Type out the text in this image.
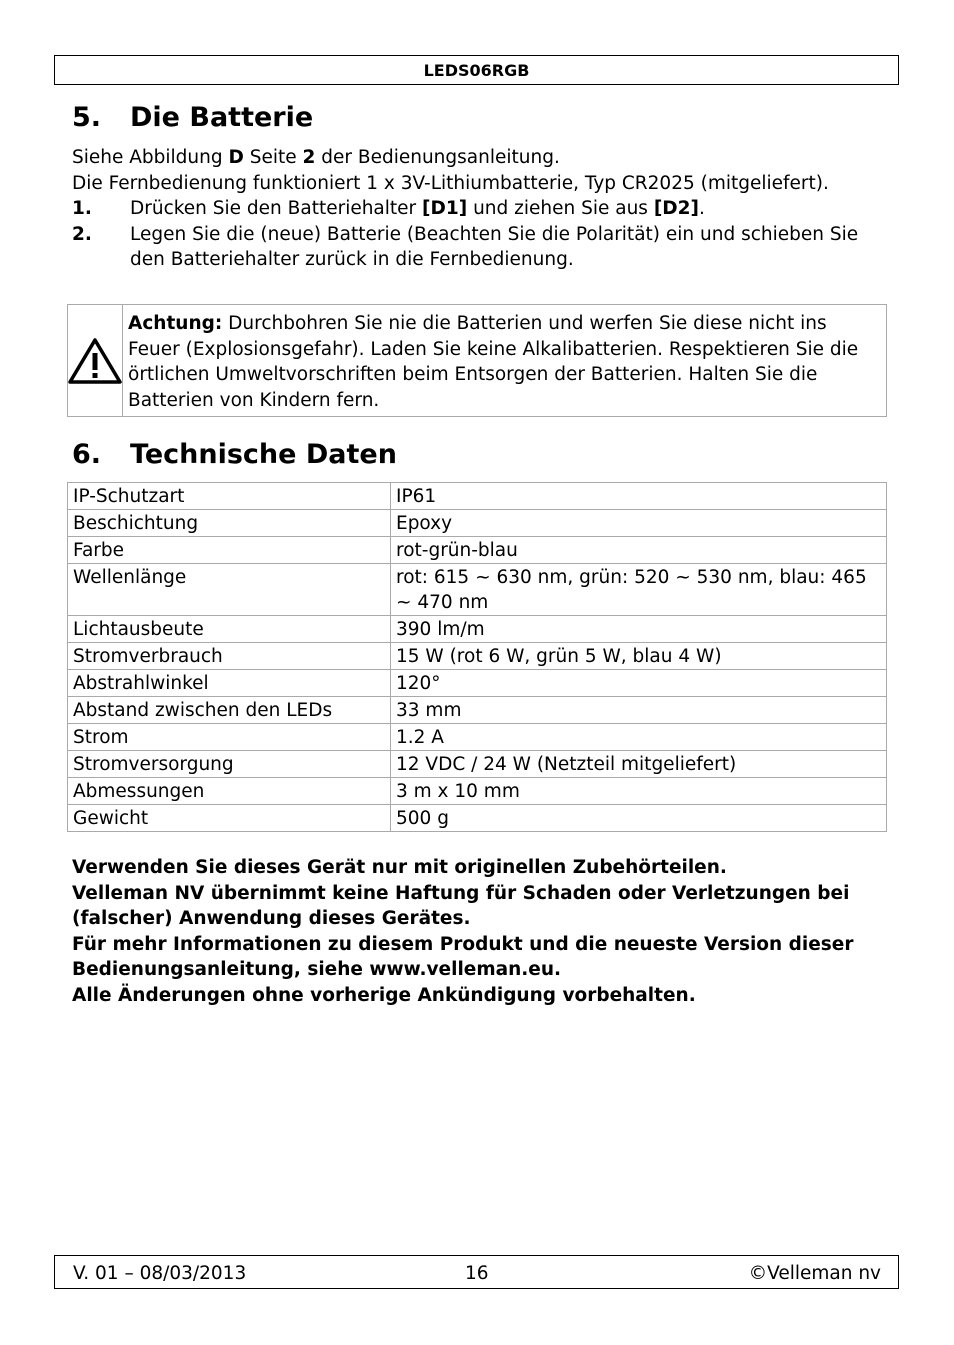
LEDS06RGB
5. Die Batterie

Siehe Abbildung D Seite 2 der Bedienungsanleitung.

Die Fernbedienung funktioniert 1 x 3V-Lithiumbatterie, Typ CR2025 (mitgeliefert).

1.	Drücken Sie den Batteriehalter [D1] und ziehen Sie aus [D2].
2.	Legen Sie die (neue) Batterie (Beachten Sie die Polarität) ein und schieben Sie den Batteriehalter zurück in die Fernbedienung.
Achtung: Durchbohren Sie nie die Batterien und werfen Sie diese nicht ins Feuer (Explosionsgefahr). Laden Sie keine Alkalibatterien. Respektieren Sie die örtlichen Umweltvorschriften beim Entsorgen der Batterien. Halten Sie die Batterien von Kindern fern.
6. Technische Daten
IP-Schutzart	IP61
Beschichtung	Epoxy
Farbe	rot-grün-blau
Wellenlänge	rot: 615 ~ 630 nm, grün: 520 ~ 530 nm, blau: 465 ~ 470 nm
Lichtausbeute	390 lm/m
Stromverbrauch	15 W (rot 6 W, grün 5 W, blau 4 W)
Abstrahlwinkel	120°
Abstand zwischen den LEDs	33 mm
Strom	1.2 A
Stromversorgung	12 VDC / 24 W (Netzteil mitgeliefert)
Abmessungen	3 m x 10 mm
Gewicht	500 g

Verwenden Sie dieses Gerät nur mit originellen Zubehörteilen.

Velleman NV übernimmt keine Haftung für Schaden oder Verletzungen bei (falscher) Anwendung dieses Gerätes.

Für mehr Informationen zu diesem Produkt und die neueste Version dieser Bedienungsanleitung, siehe www.velleman.eu.

Alle Änderungen ohne vorherige Ankündigung vorbehalten.

V. 01 – 08/03/2013	16	©Velleman nv
